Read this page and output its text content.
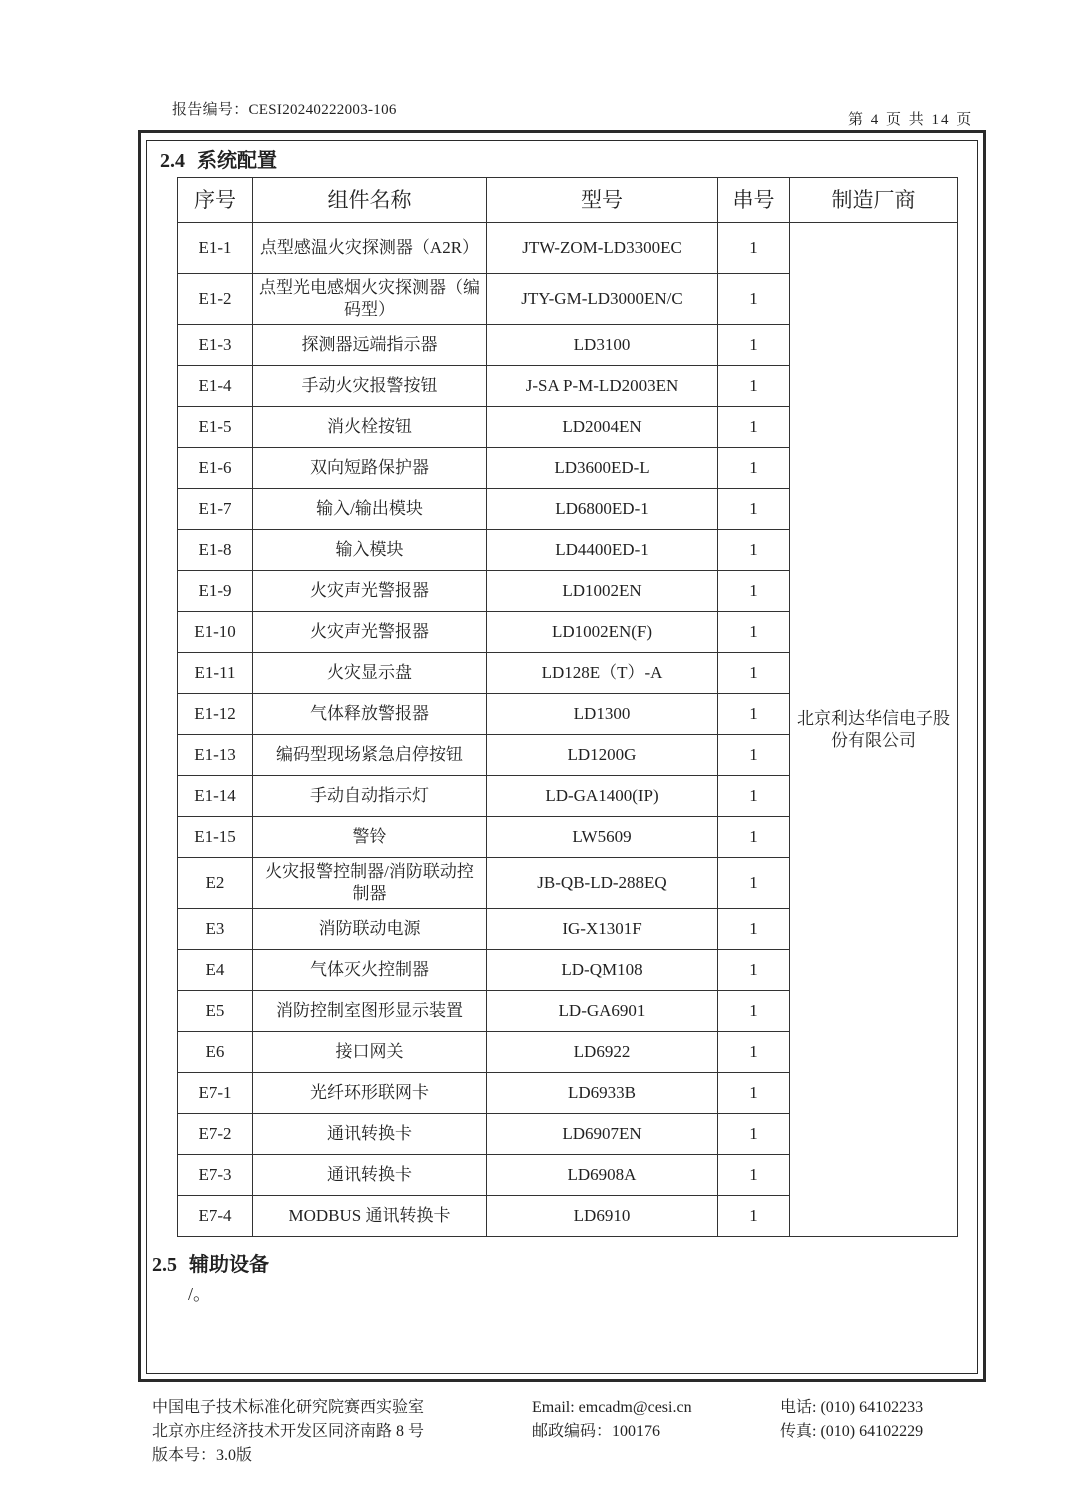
报告编号：CESI20240222003-106
第 4 页 共 14 页
2.4 系统配置
序号	组件名称	型号	串号	制造厂商
E1-1	点型感温火灾探测器（A2R）	JTW-ZOM-LD3300EC	1	北京利达华信电子股份有限公司
E1-2	点型光电感烟火灾探测器（编码型）	JTY-GM-LD3000EN/C	1	
E1-3	探测器远端指示器	LD3100	1	
E1-4	手动火灾报警按钮	J-SA P-M-LD2003EN	1	
E1-5	消火栓按钮	LD2004EN	1	
E1-6	双向短路保护器	LD3600ED-L	1	
E1-7	输入/输出模块	LD6800ED-1	1	
E1-8	输入模块	LD4400ED-1	1	
E1-9	火灾声光警报器	LD1002EN	1	
E1-10	火灾声光警报器	LD1002EN(F)	1	
E1-11	火灾显示盘	LD128E（T）-A	1	
E1-12	气体释放警报器	LD1300	1	
E1-13	编码型现场紧急启停按钮	LD1200G	1	
E1-14	手动自动指示灯	LD-GA1400(IP)	1	
E1-15	警铃	LW5609	1	
E2	火灾报警控制器/消防联动控制器	JB-QB-LD-288EQ	1	
E3	消防联动电源	IG-X1301F	1	
E4	气体灭火控制器	LD-QM108	1	
E5	消防控制室图形显示装置	LD-GA6901	1	
E6	接口网关	LD6922	1	
E7-1	光纤环形联网卡	LD6933B	1	
E7-2	通讯转换卡	LD6907EN	1	
E7-3	通讯转换卡	LD6908A	1	
E7-4	MODBUS 通讯转换卡	LD6910	1	
2.5 辅助设备
/。
中国电子技术标准化研究院赛西实验室
北京亦庄经济技术开发区同济南路 8 号
版本号：3.0版
Email: emcadm@cesi.cn
邮政编码：100176
电话: (010) 64102233
传真: (010) 64102229
